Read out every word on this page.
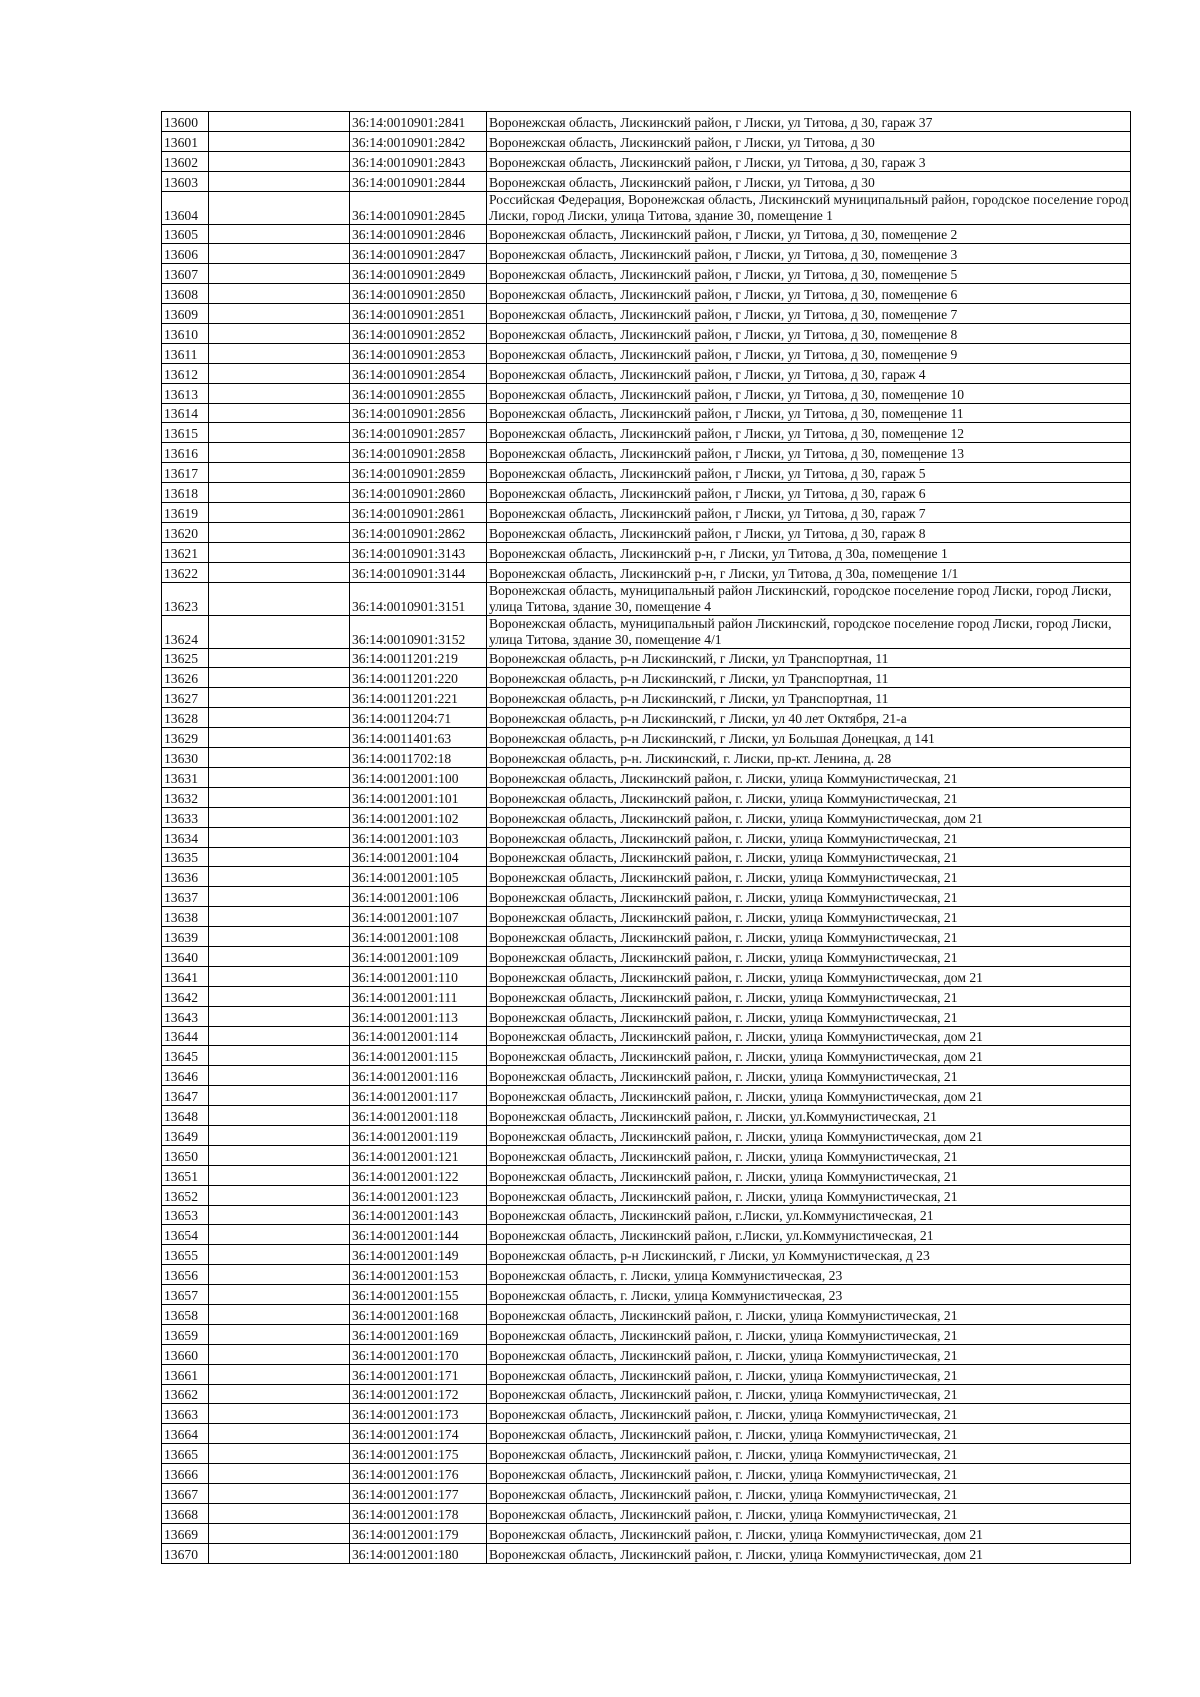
13600		36:14:0010901:2841	Воронежская область, Лискинский район, г Лиски, ул Титова, д 30, гараж 37
13601		36:14:0010901:2842	Воронежская область, Лискинский район, г Лиски, ул Титова, д 30
13602		36:14:0010901:2843	Воронежская область, Лискинский район, г Лиски, ул Титова, д 30, гараж 3
13603		36:14:0010901:2844	Воронежская область, Лискинский район, г Лиски, ул Титова, д 30
13604		36:14:0010901:2845	Российская Федерация, Воронежская область, Лискинский муниципальный район, городское поселение город Лиски, город Лиски, улица Титова, здание 30, помещение 1
13605		36:14:0010901:2846	Воронежская область, Лискинский район, г Лиски, ул Титова, д 30, помещение 2
13606		36:14:0010901:2847	Воронежская область, Лискинский район, г Лиски, ул Титова, д 30, помещение 3
13607		36:14:0010901:2849	Воронежская область, Лискинский район, г Лиски, ул Титова, д 30, помещение 5
13608		36:14:0010901:2850	Воронежская область, Лискинский район, г Лиски, ул Титова, д 30, помещение 6
13609		36:14:0010901:2851	Воронежская область, Лискинский район, г Лиски, ул Титова, д 30, помещение 7
13610		36:14:0010901:2852	Воронежская область, Лискинский район, г Лиски, ул Титова, д 30, помещение 8
13611		36:14:0010901:2853	Воронежская область, Лискинский район, г Лиски, ул Титова, д 30, помещение 9
13612		36:14:0010901:2854	Воронежская область, Лискинский район, г Лиски, ул Титова, д 30, гараж 4
13613		36:14:0010901:2855	Воронежская область, Лискинский район, г Лиски, ул Титова, д 30, помещение 10
13614		36:14:0010901:2856	Воронежская область, Лискинский район, г Лиски, ул Титова, д 30, помещение 11
13615		36:14:0010901:2857	Воронежская область, Лискинский район, г Лиски, ул Титова, д 30, помещение 12
13616		36:14:0010901:2858	Воронежская область, Лискинский район, г Лиски, ул Титова, д 30, помещение 13
13617		36:14:0010901:2859	Воронежская область, Лискинский район, г Лиски, ул Титова, д 30, гараж 5
13618		36:14:0010901:2860	Воронежская область, Лискинский район, г Лиски, ул Титова, д 30, гараж 6
13619		36:14:0010901:2861	Воронежская область, Лискинский район, г Лиски, ул Титова, д 30, гараж 7
13620		36:14:0010901:2862	Воронежская область, Лискинский район, г Лиски, ул Титова, д 30, гараж 8
13621		36:14:0010901:3143	Воронежская область, Лискинский р-н, г Лиски, ул Титова, д 30а, помещение 1
13622		36:14:0010901:3144	Воронежская область, Лискинский р-н, г Лиски, ул Титова, д 30а, помещение 1/1
13623		36:14:0010901:3151	Воронежская область, муниципальный район Лискинский, городское поселение город Лиски, город Лиски, улица Титова, здание 30, помещение 4
13624		36:14:0010901:3152	Воронежская область, муниципальный район Лискинский, городское поселение город Лиски, город Лиски, улица Титова, здание 30, помещение 4/1
13625		36:14:0011201:219	Воронежская область, р-н Лискинский, г Лиски, ул Транспортная, 11
13626		36:14:0011201:220	Воронежская область, р-н Лискинский, г Лиски, ул Транспортная, 11
13627		36:14:0011201:221	Воронежская область, р-н Лискинский, г Лиски, ул Транспортная, 11
13628		36:14:0011204:71	Воронежская область, р-н Лискинский, г Лиски, ул 40 лет Октября, 21-а
13629		36:14:0011401:63	Воронежская область, р-н Лискинский, г Лиски, ул Большая Донецкая, д 141
13630		36:14:0011702:18	Воронежская область, р-н. Лискинский, г. Лиски, пр-кт. Ленина, д. 28
13631		36:14:0012001:100	Воронежская область, Лискинский район, г. Лиски, улица Коммунистическая, 21
13632		36:14:0012001:101	Воронежская область, Лискинский район, г. Лиски, улица Коммунистическая, 21
13633		36:14:0012001:102	Воронежская область, Лискинский район, г. Лиски, улица Коммунистическая, дом 21
13634		36:14:0012001:103	Воронежская область, Лискинский район, г. Лиски, улица Коммунистическая, 21
13635		36:14:0012001:104	Воронежская область, Лискинский район, г. Лиски, улица Коммунистическая, 21
13636		36:14:0012001:105	Воронежская область, Лискинский район, г. Лиски, улица Коммунистическая, 21
13637		36:14:0012001:106	Воронежская область, Лискинский район, г. Лиски, улица Коммунистическая, 21
13638		36:14:0012001:107	Воронежская область, Лискинский район, г. Лиски, улица Коммунистическая, 21
13639		36:14:0012001:108	Воронежская область, Лискинский район, г. Лиски, улица Коммунистическая, 21
13640		36:14:0012001:109	Воронежская область, Лискинский район, г. Лиски, улица Коммунистическая, 21
13641		36:14:0012001:110	Воронежская область, Лискинский район, г. Лиски, улица Коммунистическая, дом 21
13642		36:14:0012001:111	Воронежская область, Лискинский район, г. Лиски, улица Коммунистическая, 21
13643		36:14:0012001:113	Воронежская область, Лискинский район, г. Лиски, улица Коммунистическая, 21
13644		36:14:0012001:114	Воронежская область, Лискинский район, г. Лиски, улица Коммунистическая, дом 21
13645		36:14:0012001:115	Воронежская область, Лискинский район, г. Лиски, улица Коммунистическая, дом 21
13646		36:14:0012001:116	Воронежская область, Лискинский район, г. Лиски, улица Коммунистическая, 21
13647		36:14:0012001:117	Воронежская область, Лискинский район, г. Лиски, улица Коммунистическая, дом 21
13648		36:14:0012001:118	Воронежская область, Лискинский район, г. Лиски, ул.Коммунистическая, 21
13649		36:14:0012001:119	Воронежская область, Лискинский район, г. Лиски, улица Коммунистическая, дом 21
13650		36:14:0012001:121	Воронежская область, Лискинский район, г. Лиски, улица Коммунистическая, 21
13651		36:14:0012001:122	Воронежская область, Лискинский район, г. Лиски, улица Коммунистическая, 21
13652		36:14:0012001:123	Воронежская область, Лискинский район, г. Лиски, улица Коммунистическая, 21
13653		36:14:0012001:143	Воронежская область, Лискинский район, г.Лиски, ул.Коммунистическая, 21
13654		36:14:0012001:144	Воронежская область, Лискинский район, г.Лиски, ул.Коммунистическая, 21
13655		36:14:0012001:149	Воронежская область, р-н Лискинский, г Лиски, ул Коммунистическая, д 23
13656		36:14:0012001:153	Воронежская область, г. Лиски, улица Коммунистическая, 23
13657		36:14:0012001:155	Воронежская область, г. Лиски, улица Коммунистическая, 23
13658		36:14:0012001:168	Воронежская область, Лискинский район, г. Лиски, улица Коммунистическая, 21
13659		36:14:0012001:169	Воронежская область, Лискинский район, г. Лиски, улица Коммунистическая, 21
13660		36:14:0012001:170	Воронежская область, Лискинский район, г. Лиски, улица Коммунистическая, 21
13661		36:14:0012001:171	Воронежская область, Лискинский район, г. Лиски, улица Коммунистическая, 21
13662		36:14:0012001:172	Воронежская область, Лискинский район, г. Лиски, улица Коммунистическая, 21
13663		36:14:0012001:173	Воронежская область, Лискинский район, г. Лиски, улица Коммунистическая, 21
13664		36:14:0012001:174	Воронежская область, Лискинский район, г. Лиски, улица Коммунистическая, 21
13665		36:14:0012001:175	Воронежская область, Лискинский район, г. Лиски, улица Коммунистическая, 21
13666		36:14:0012001:176	Воронежская область, Лискинский район, г. Лиски, улица Коммунистическая, 21
13667		36:14:0012001:177	Воронежская область, Лискинский район, г. Лиски, улица Коммунистическая, 21
13668		36:14:0012001:178	Воронежская область, Лискинский район, г. Лиски, улица Коммунистическая, 21
13669		36:14:0012001:179	Воронежская область, Лискинский район, г. Лиски, улица Коммунистическая, дом 21
13670		36:14:0012001:180	Воронежская область, Лискинский район, г. Лиски, улица Коммунистическая, дом 21
